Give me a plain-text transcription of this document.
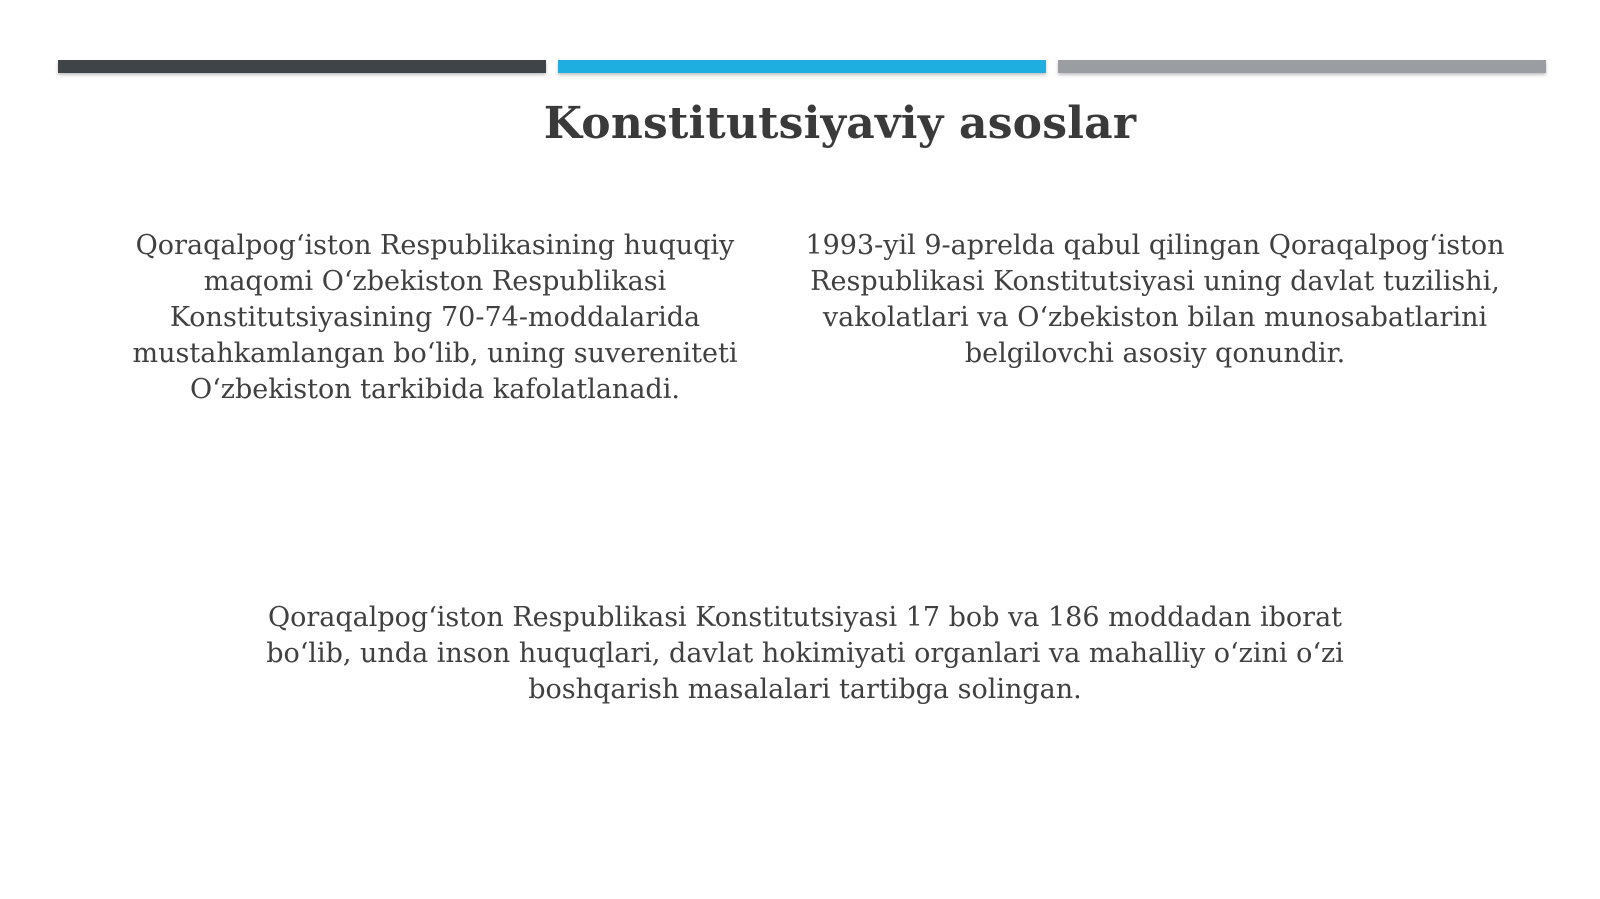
Konstitutsiyaviy asoslar

Qoraqalpog‘iston Respublikasining huquqiy maqomi O‘zbekiston Respublikasi Konstitutsiyasining 70-74-moddalarida mustahkamlangan bo‘lib, uning suvereniteti O‘zbekiston tarkibida kafolatlanadi.

1993-yil 9-aprelda qabul qilingan Qoraqalpog‘iston Respublikasi Konstitutsiyasi uning davlat tuzilishi, vakolatlari va O‘zbekiston bilan munosabatlarini belgilovchi asosiy qonundir.

Qoraqalpog‘iston Respublikasi Konstitutsiyasi 17 bob va 186 moddadan iborat bo‘lib, unda inson huquqlari, davlat hokimiyati organlari va mahalliy o‘zini o‘zi boshqarish masalalari tartibga solingan.
